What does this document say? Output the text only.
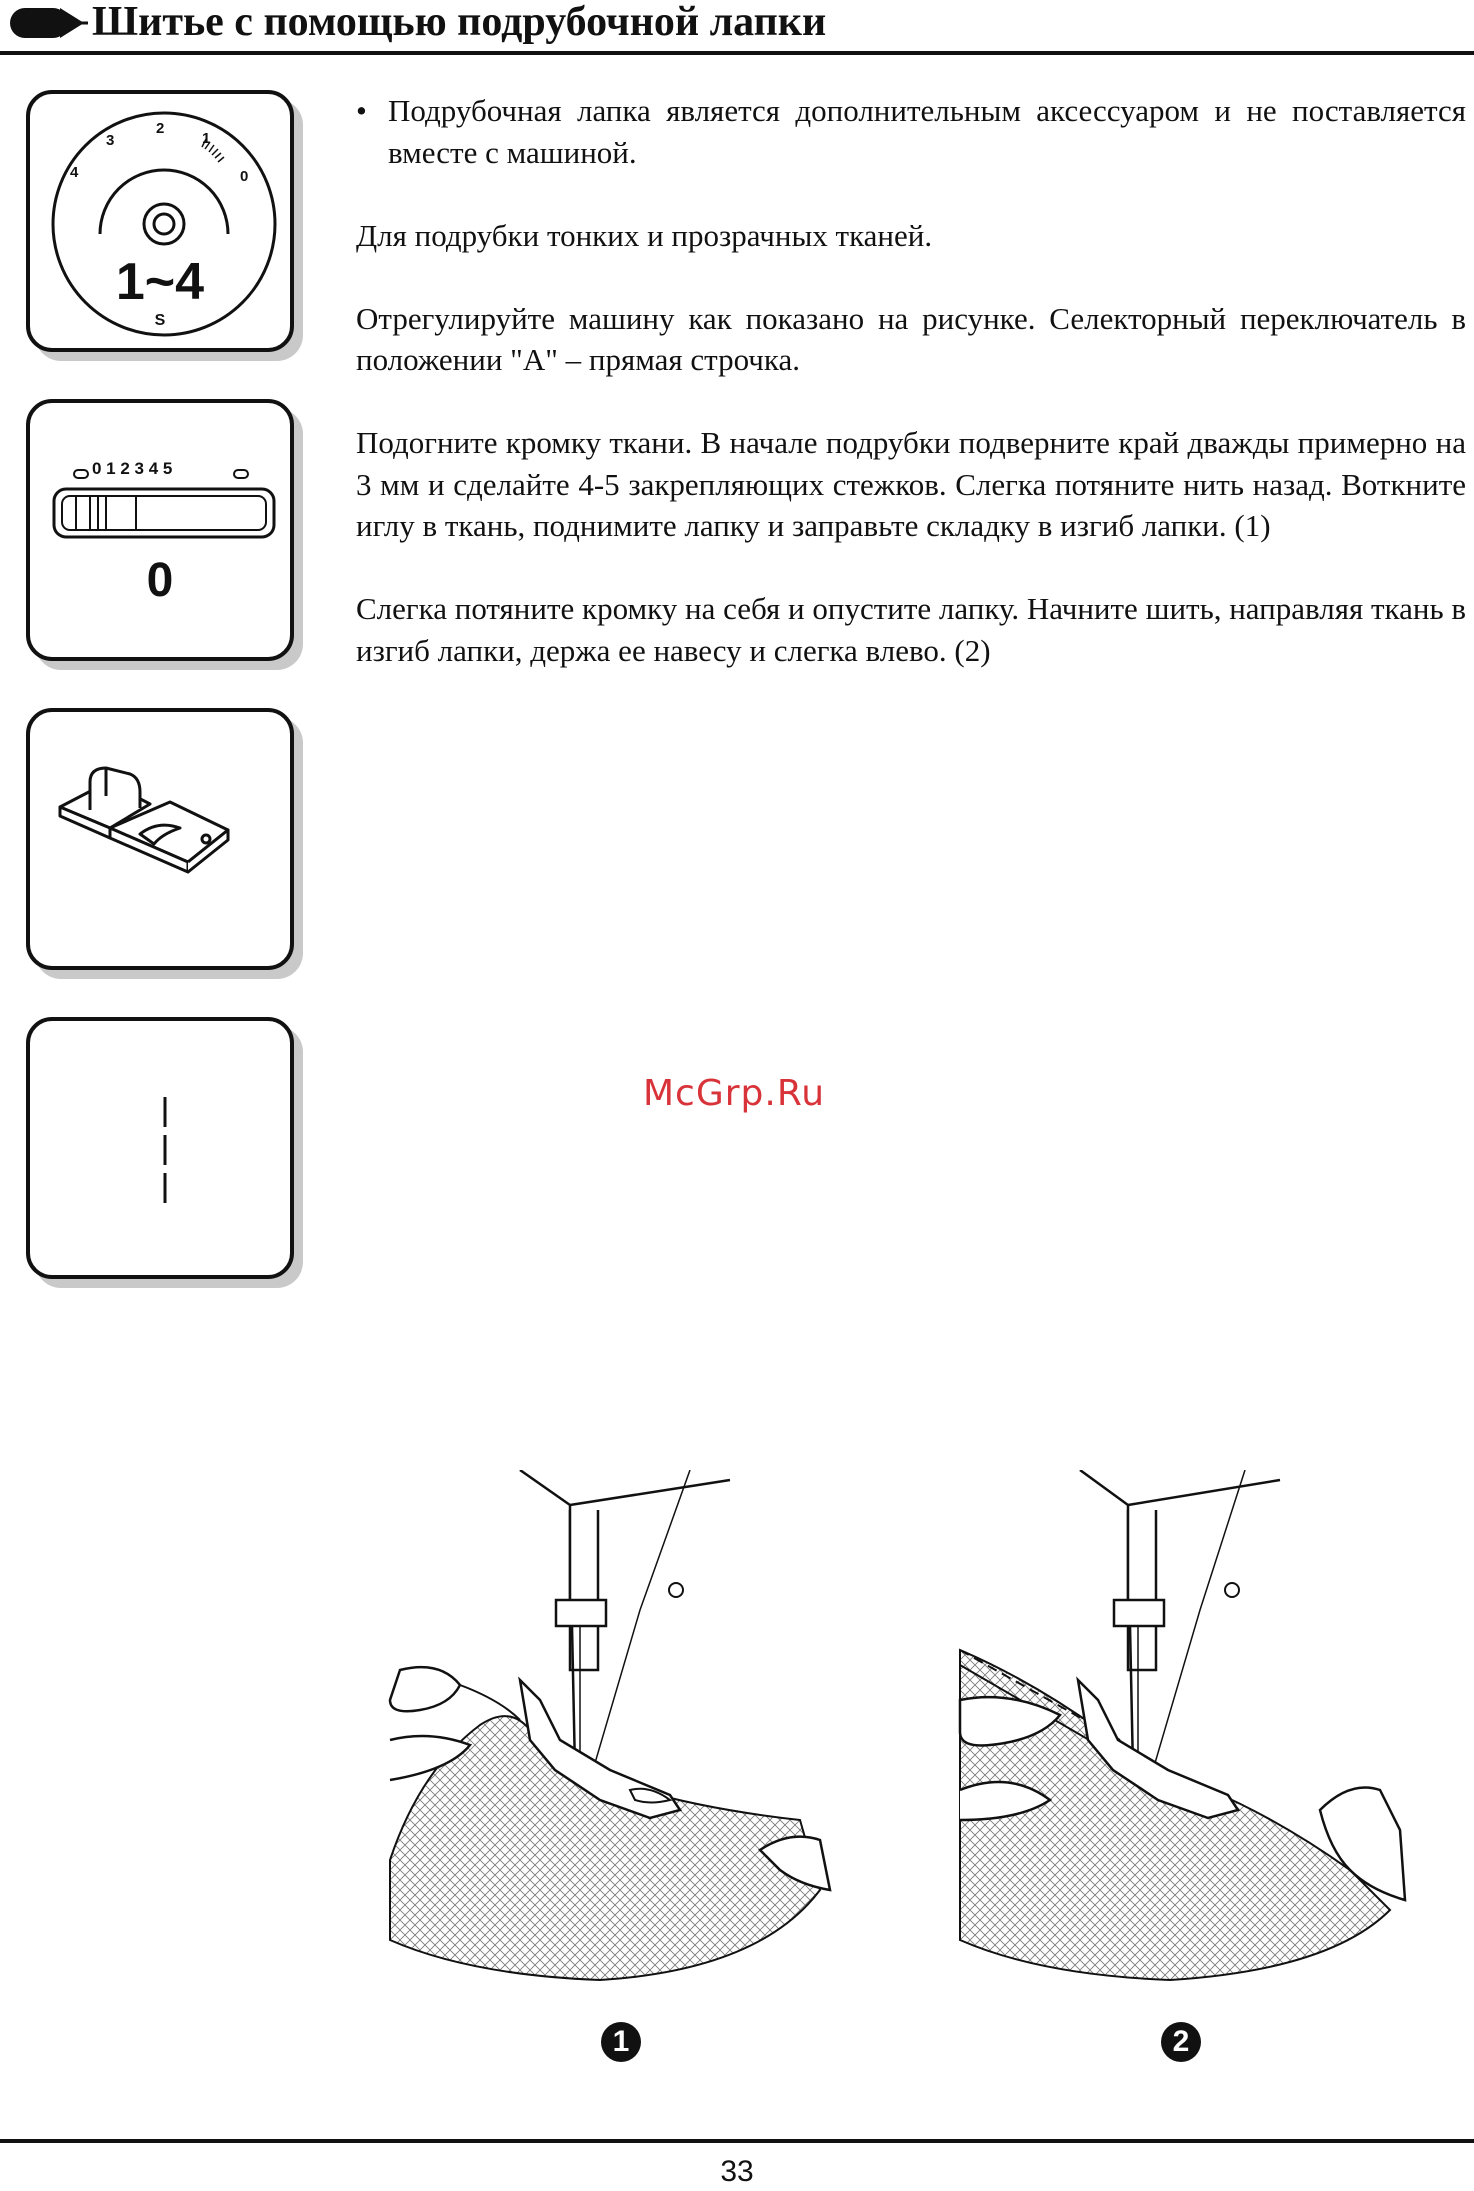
Шитье с помощью подрубочной лапки
4
3
2
1
0
1~4
S
0 1 2 3 4 5
0

• Подрубочная лапка является дополнительным аксессуаром и не поставляется вместе с машиной.

Для подрубки тонких и прозрачных тканей.

Отрегулируйте машину как показано на рисунке. Селекторный переключатель в положении "А" – прямая строчка.

Подогните кромку ткани. В начале подрубки подверните край дважды примерно на 3 мм и сделайте 4-5 закрепляющих стежков. Слегка потяните нить назад. Воткните иглу в ткань, поднимите лапку и заправьте складку в изгиб лапки. (1)

Слегка потяните кромку на себя и опустите лапку. Начните шить, направляя ткань в изгиб лапки, держа ее навесу и слегка влево. (2)

McGrp.Ru
1	2
33
